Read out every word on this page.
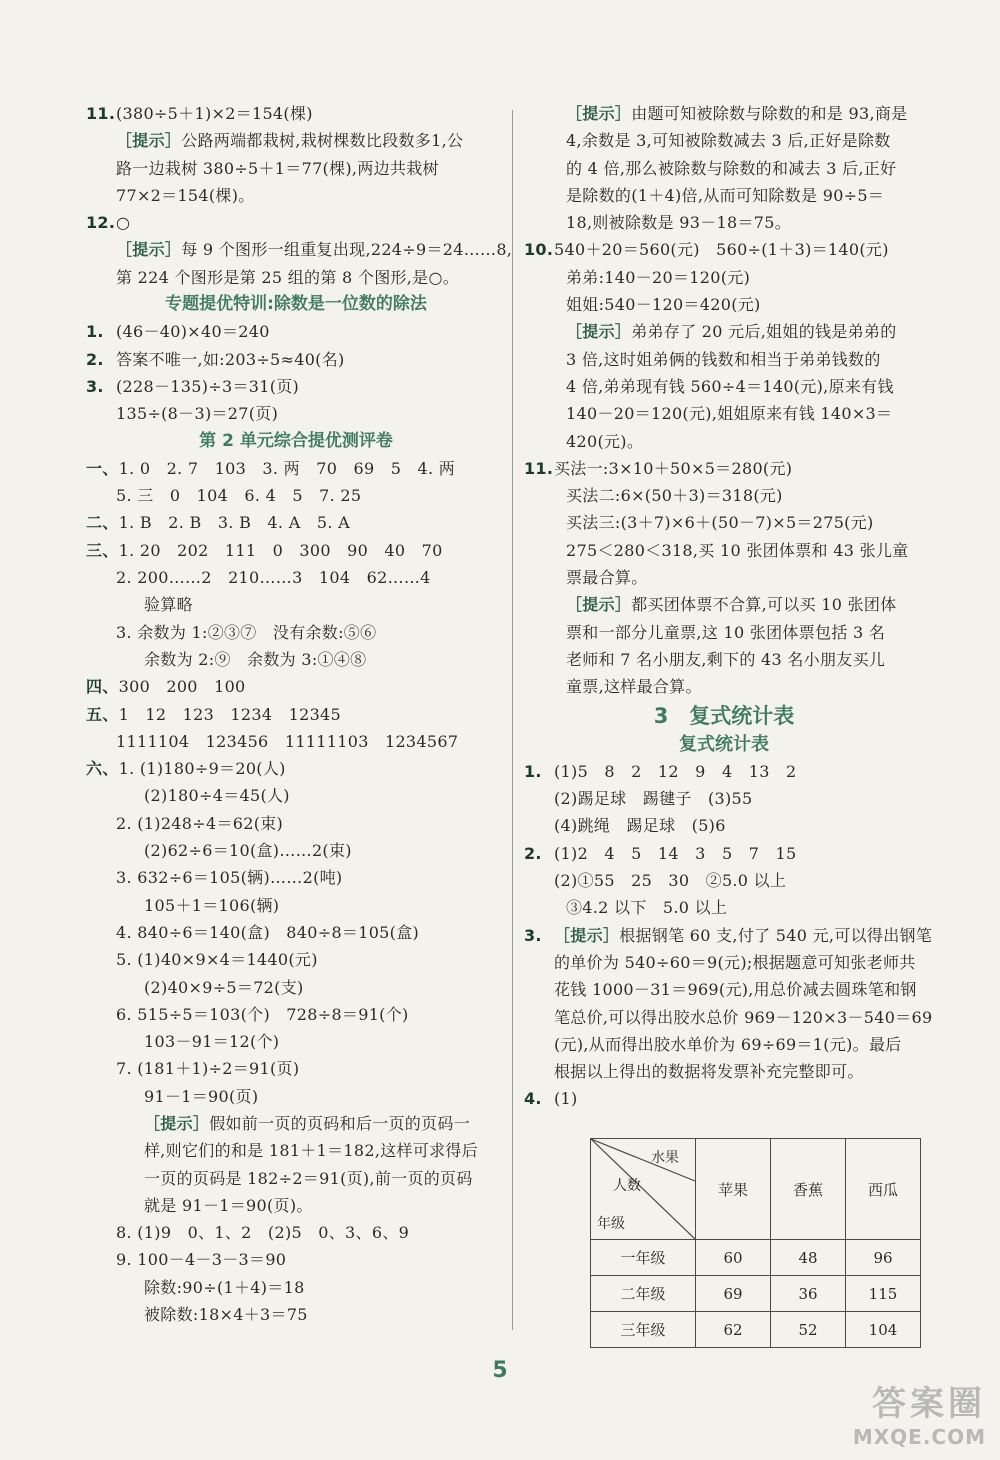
11.(380÷5＋1)×2＝154(棵)
［提示］公路两端都栽树,栽树棵数比段数多1,公
路一边栽树 380÷5＋1＝77(棵),两边共栽树
77×2＝154(棵)。
12.○
［提示］每 9 个图形一组重复出现,224÷9＝24……8,
第 224 个图形是第 25 组的第 8 个图形,是○。
专题提优特训:除数是一位数的除法
1. (46－40)×40＝240
2. 答案不唯一,如:203÷5≈40(名)
3. (228－135)÷3＝31(页)
135÷(8－3)＝27(页)
第 2 单元综合提优测评卷
一、1. 0　2. 7　103　3. 两　70　69　5　4. 两
5. 三　0　104　6. 4　5　7. 25
二、1. B　2. B　3. B　4. A　5. A
三、1. 20　202　111　0　300　90　40　70
2. 200……2　210……3　104　62……4
验算略
3. 余数为 1:②③⑦　没有余数:⑤⑥
余数为 2:⑨　余数为 3:①④⑧
四、300　200　100
五、1　12　123　1234　12345
1111104　123456　11111103　1234567
六、1. (1)180÷9＝20(人)
(2)180÷4＝45(人)
2. (1)248÷4＝62(束)
(2)62÷6＝10(盒)……2(束)
3. 632÷6＝105(辆)……2(吨)
105＋1＝106(辆)
4. 840÷6＝140(盒)　840÷8＝105(盒)
5. (1)40×9×4＝1440(元)
(2)40×9÷5＝72(支)
6. 515÷5＝103(个)　728÷8＝91(个)
103－91＝12(个)
7. (181＋1)÷2＝91(页)
91－1＝90(页)
［提示］假如前一页的页码和后一页的页码一
样,则它们的和是 181＋1＝182,这样可求得后
一页的页码是 182÷2＝91(页),前一页的页码
就是 91－1＝90(页)。
8. (1)9　0、1、2　(2)5　0、3、6、9
9. 100－4－3－3＝90
除数:90÷(1＋4)＝18
被除数:18×4＋3＝75
［提示］由题可知被除数与除数的和是 93,商是
4,余数是 3,可知被除数减去 3 后,正好是除数
的 4 倍,那么被除数与除数的和减去 3 后,正好
是除数的(1＋4)倍,从而可知除数是 90÷5＝
18,则被除数是 93－18＝75。
10.540＋20＝560(元)　560÷(1＋3)＝140(元)
弟弟:140－20＝120(元)
姐姐:540－120＝420(元)
［提示］弟弟存了 20 元后,姐姐的钱是弟弟的
3 倍,这时姐弟俩的钱数和相当于弟弟钱数的
4 倍,弟弟现有钱 560÷4＝140(元),原来有钱
140－20＝120(元),姐姐原来有钱 140×3＝
420(元)。
11.买法一:3×10＋50×5＝280(元)
买法二:6×(50＋3)＝318(元)
买法三:(3＋7)×6＋(50－7)×5＝275(元)
275＜280＜318,买 10 张团体票和 43 张儿童
票最合算。
［提示］都买团体票不合算,可以买 10 张团体
票和一部分儿童票,这 10 张团体票包括 3 名
老师和 7 名小朋友,剩下的 43 名小朋友买儿
童票,这样最合算。
3　复式统计表
复式统计表
1. (1)5　8　2　12　9　4　13　2
(2)踢足球　踢毽子　(3)55
(4)跳绳　踢足球　(5)6
2. (1)2　4　5　14　3　5　7　15
(2)①55　25　30　②5.0 以上
③4.2 以下　5.0 以上
3. ［提示］根据钢笔 60 支,付了 540 元,可以得出钢笔
的单价为 540÷60＝9(元);根据题意可知张老师共
花钱 1000－31＝969(元),用总价减去圆珠笔和钢
笔总价,可以得出胶水总价 969－120×3－540＝69
(元),从而得出胶水单价为 69÷69＝1(元)。最后
根据以上得出的数据将发票补充完整即可。
4. (1)
水果
人数
年级	苹果	香蕉	西瓜
一年级	60	48	96
二年级	69	36	115
三年级	62	52	104
5
答案圈
MXQE.COM
